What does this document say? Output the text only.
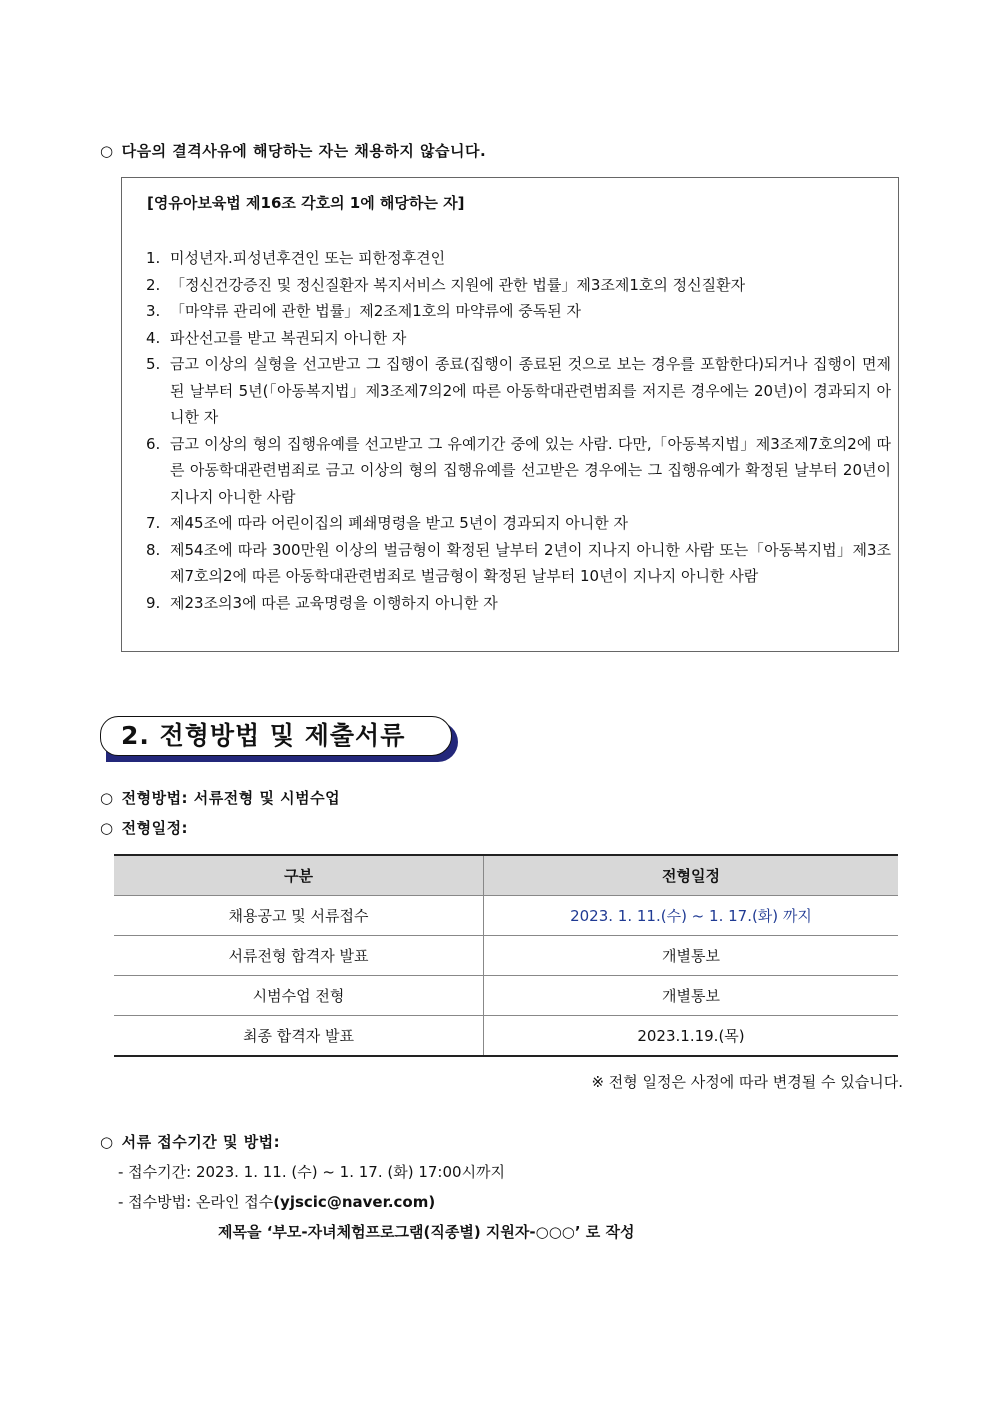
○ 다음의 결격사유에 해당하는 자는 채용하지 않습니다.
[영유아보육법 제16조 각호의 1에 해당하는 자]
1. 미성년자.피성년후견인 또는 피한정후견인
2. 「정신건강증진 및 정신질환자 복지서비스 지원에 관한 법률」제3조제1호의 정신질환자
3. 「마약류 관리에 관한 법률」제2조제1호의 마약류에 중독된 자
4. 파산선고를 받고 복권되지 아니한 자
5. 금고 이상의 실형을 선고받고 그 집행이 종료(집행이 종료된 것으로 보는 경우를 포함한다)되거나 집행이 면제된 날부터 5년(「아동복지법」제3조제7의2에 따른 아동학대관련범죄를 저지른 경우에는 20년)이 경과되지 아니한 자
6. 금고 이상의 형의 집행유예를 선고받고 그 유예기간 중에 있는 사람. 다만,「아동복지법」제3조제7호의2에 따른 아동학대관련범죄로 금고 이상의 형의 집행유예를 선고받은 경우에는 그 집행유예가 확정된 날부터 20년이 지나지 아니한 사람
7. 제45조에 따라 어린이집의 폐쇄명령을 받고 5년이 경과되지 아니한 자
8. 제54조에 따라 300만원 이상의 벌금형이 확정된 날부터 2년이 지나지 아니한 사람 또는「아동복지법」제3조제7호의2에 따른 아동학대관련범죄로 벌금형이 확정된 날부터 10년이 지나지 아니한 사람
9. 제23조의3에 따른 교육명령을 이행하지 아니한 자
2. 전형방법 및 제출서류
○ 전형방법: 서류전형 및 시범수업
○ 전형일정:
구분	전형일정
채용공고 및 서류접수	2023. 1. 11.(수) ~ 1. 17.(화) 까지
서류전형 합격자 발표	개별통보
시범수업 전형	개별통보
최종 합격자 발표	2023.1.19.(목)
※ 전형 일정은 사정에 따라 변경될 수 있습니다.
○ 서류 접수기간 및 방법:
- 접수기간: 2023. 1. 11. (수) ~ 1. 17. (화) 17:00시까지
- 접수방법: 온라인 접수(yjscic@naver.com)
제목을 ‘부모-자녀체험프로그램(직종별) 지원자-○○○’ 로 작성
